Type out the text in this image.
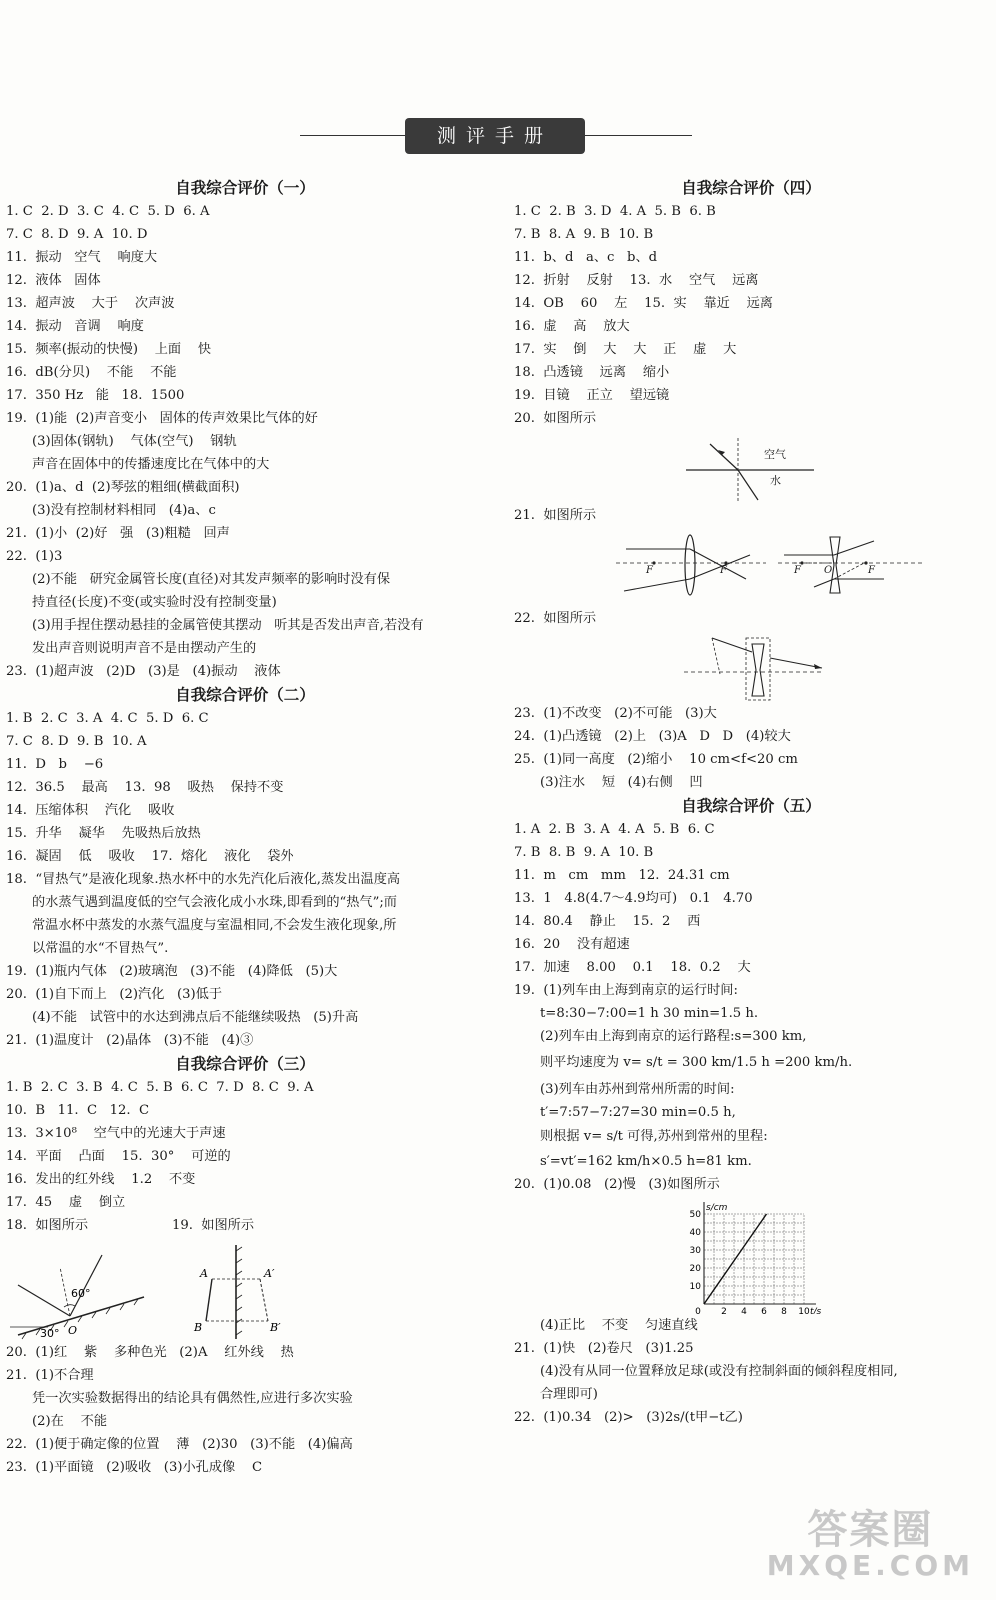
测评手册
自我综合评价（一）
1. C  2. D  3. C  4. C  5. D  6. A
7. C  8. D  9. A  10. D
11.  振动   空气    响度大
12.  液体   固体
13.  超声波    大于    次声波
14.  振动   音调    响度
15.  频率(振动的快慢)    上面    快
16.  dB(分贝)    不能    不能
17.  350 Hz   能   18.  1500
19.  (1)能  (2)声音变小   固体的传声效果比气体的好
(3)固体(钢轨)    气体(空气)    钢轨
声音在固体中的传播速度比在气体中的大
20.  (1)a、d  (2)琴弦的粗细(横截面积)
(3)没有控制材料相同   (4)a、c
21.  (1)小  (2)好   强   (3)粗糙   回声
22.  (1)3
(2)不能   研究金属管长度(直径)对其发声频率的影响时没有保
持直径(长度)不变(或实验时没有控制变量)
(3)用手捏住摆动悬挂的金属管使其摆动   听其是否发出声音,若没有
发出声音则说明声音不是由摆动产生的
23.  (1)超声波   (2)D   (3)是   (4)振动    液体
自我综合评价（二）
1. B  2. C  3. A  4. C  5. D  6. C
7. C  8. D  9. B  10. A
11.  D   b    −6
12.  36.5    最高    13.  98    吸热    保持不变
14.  压缩体积    汽化    吸收
15.  升华    凝华    先吸热后放热
16.  凝固    低    吸收    17.  熔化    液化    袋外
18.  “冒热气”是液化现象.热水杯中的水先汽化后液化,蒸发出温度高
的水蒸气遇到温度低的空气会液化成小水珠,即看到的“热气”;而
常温水杯中蒸发的水蒸气温度与室温相同,不会发生液化现象,所
以常温的水“不冒热气”.
19.  (1)瓶内气体   (2)玻璃泡   (3)不能   (4)降低   (5)大
20.  (1)自下而上   (2)汽化   (3)低于
(4)不能   试管中的水达到沸点后不能继续吸热   (5)升高
21.  (1)温度计   (2)晶体   (3)不能   (4)③
自我综合评价（三）
1. B  2. C  3. B  4. C  5. B  6. C  7. D  8. C  9. A
10.  B   11.  C   12.  C
13.  3×10⁸    空气中的光速大于声速
14.  平面    凸面    15.  30°    可逆的
16.  发出的红外线    1.2    不变
17.  45    虚    倒立
18.  如图所示                    19.  如图所示
60°
30° O
A	A′
B	B′
20.  (1)红    紫    多种色光   (2)A    红外线    热
21.  (1)不合理
凭一次实验数据得出的结论具有偶然性,应进行多次实验
(2)在    不能
22.  (1)便于确定像的位置    薄   (2)30   (3)不能   (4)偏高
23.  (1)平面镜   (2)吸收   (3)小孔成像    C
自我综合评价（四）
1. C  2. B  3. D  4. A  5. B  6. B
7. B  8. A  9. B  10. B
11.  b、d   a、c   b、d
12.  折射    反射    13.  水    空气    远离
14.  OB    60    左    15.  实    靠近    远离
16.  虚    高    放大
17.  实    倒    大    大    正    虚    大
18.  凸透镜    远离    缩小
19.  目镜    正立    望远镜
20.  如图所示
空气
水
21.  如图所示
F	F	F O	F
22.  如图所示
23.  (1)不改变   (2)不可能   (3)大
24.  (1)凸透镜   (2)上   (3)A   D   D   (4)较大
25.  (1)同一高度   (2)缩小    10 cm<f<20 cm
(3)注水    短   (4)右侧    凹
自我综合评价（五）
1. A  2. B  3. A  4. A  5. B  6. C
7. B  8. B  9. A  10. B
11.  m   cm   mm   12.  24.31 cm
13.  1   4.8(4.7～4.9均可)   0.1   4.70
14.  80.4    静止    15.  2    西
16.  20    没有超速
17.  加速    8.00    0.1    18.  0.2    大
19.  (1)列车由上海到南京的运行时间:
t=8:30−7:00=1 h 30 min=1.5 h.
(2)列车由上海到南京的运行路程:s=300 km,
则平均速度为 v= s/t = 300 km/1.5 h =200 km/h.
(3)列车由苏州到常州所需的时间:
t′=7:57−7:27=30 min=0.5 h,
则根据 v= s/t 可得,苏州到常州的里程:
s′=vt′=162 km/h×0.5 h=81 km.
20.  (1)0.08   (2)慢   (3)如图所示
10
20
30
40
50
0 2 4 6 8 10
s/cm
t/s
(4)正比    不变    匀速直线
21.  (1)快   (2)卷尺   (3)1.25
(4)没有从同一位置释放足球(或没有控制斜面的倾斜程度相同,
合理即可)
22.  (1)0.34   (2)>   (3)2s/(t甲−t乙)
答案圈
MXQE.COM
